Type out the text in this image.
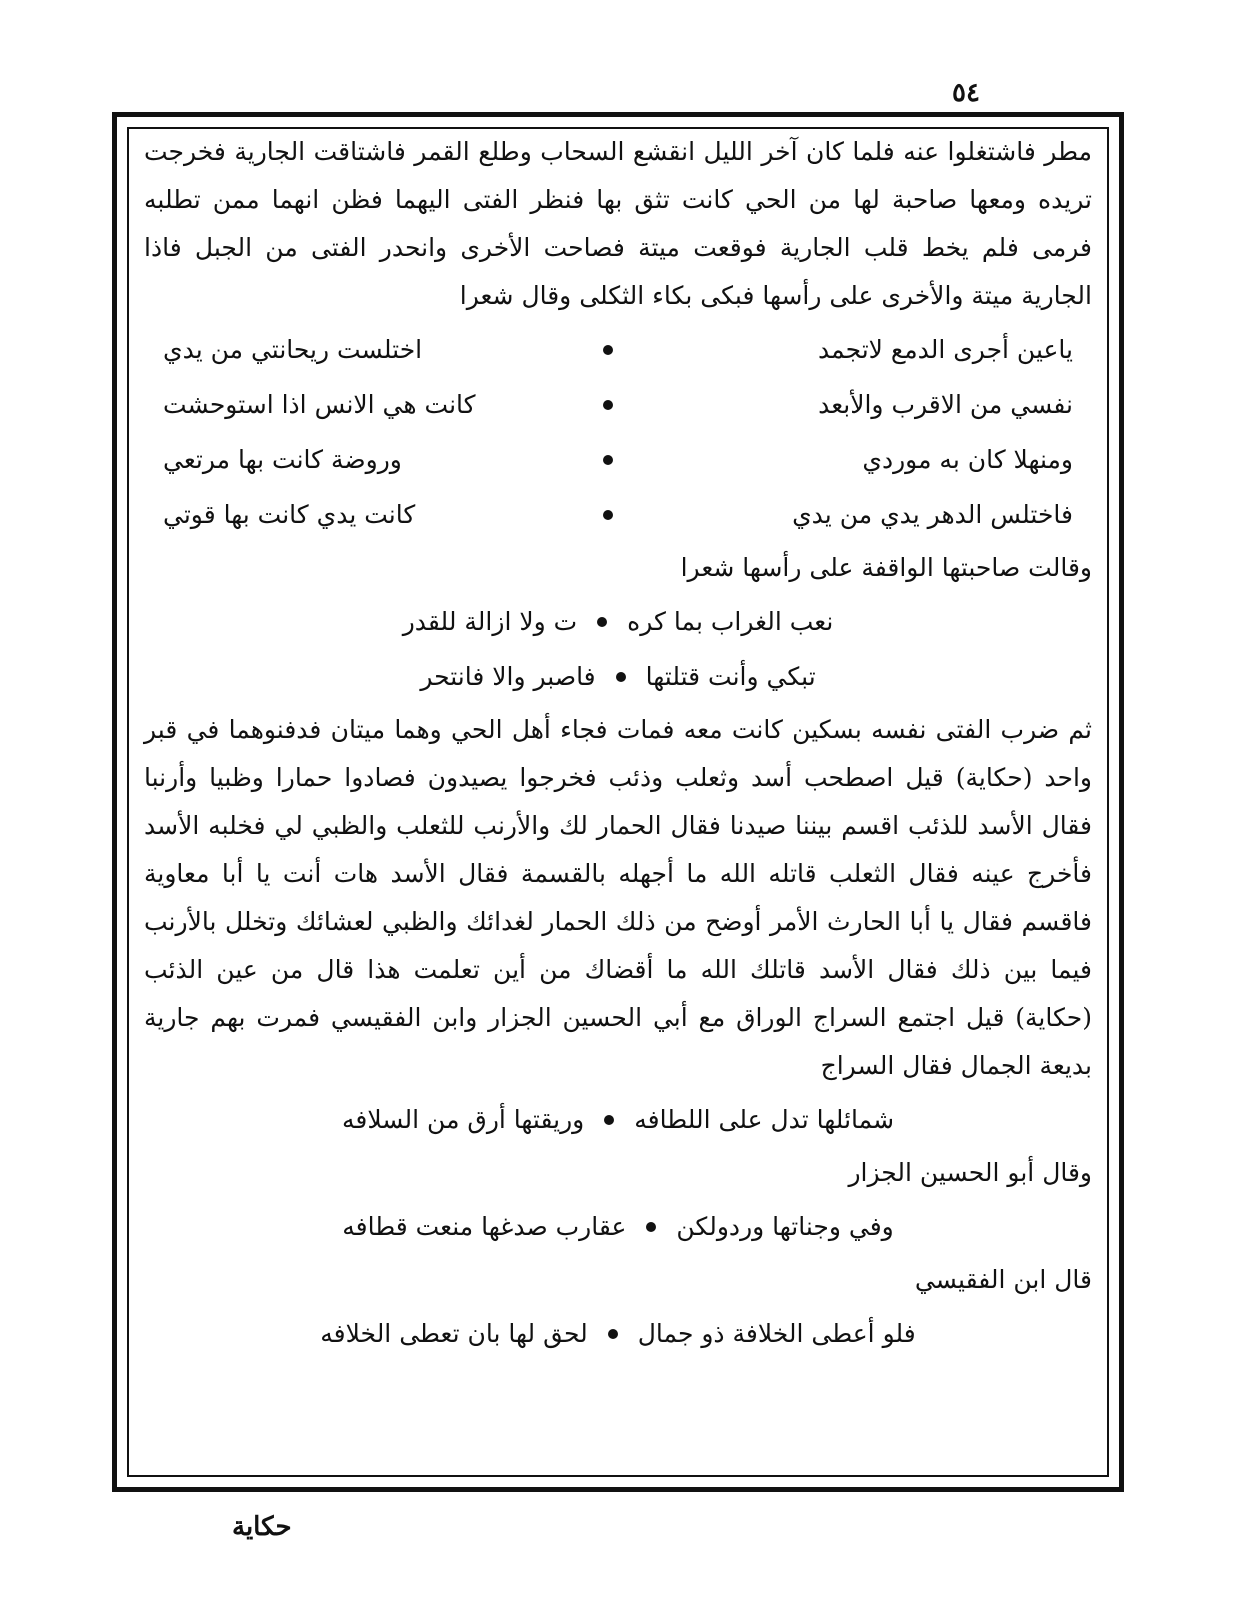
٥٤

مطر فاشتغلوا عنه فلما كان آخر الليل انقشع السحاب وطلع القمر فاشتاقت الجارية فخرجت تريده ومعها صاحبة لها من الحي كانت تثق بها فنظر الفتى اليهما فظن انهما ممن تطلبه فرمى فلم يخط قلب الجارية فوقعت ميتة فصاحت الأخرى وانحدر الفتى من الجبل فاذا الجارية ميتة والأخرى على رأسها فبكى بكاء الثكلى وقال شعرا

ياعين أجرى الدمع لاتجمد
اختلست ريحانتي من يدي
نفسي من الاقرب والأبعد
كانت هي الانس اذا استوحشت
ومنهلا كان به موردي
وروضة كانت بها مرتعي
فاختلس الدهر يدي من يدي
كانت يدي كانت بها قوتي

وقالت صاحبتها الواقفة على رأسها شعرا

نعب الغراب بما كره
ت ولا ازالة للقدر
تبكي وأنت قتلتها
فاصبر والا فانتحر

ثم ضرب الفتى نفسه بسكين كانت معه فمات فجاء أهل الحي وهما ميتان فدفنوهما في قبر واحد (حكاية) قيل اصطحب أسد وثعلب وذئب فخرجوا يصيدون فصادوا حمارا وظبيا وأرنبا فقال الأسد للذئب اقسم بيننا صيدنا فقال الحمار لك والأرنب للثعلب والظبي لي فخلبه الأسد فأخرج عينه فقال الثعلب قاتله الله ما أجهله بالقسمة فقال الأسد هات أنت يا أبا معاوية فاقسم فقال يا أبا الحارث الأمر أوضح من ذلك الحمار لغدائك والظبي لعشائك وتخلل بالأرنب فيما بين ذلك فقال الأسد قاتلك الله ما أقضاك من أين تعلمت هذا قال من عين الذئب (حكاية) قيل اجتمع السراج الوراق مع أبي الحسين الجزار وابن الفقيسي فمرت بهم جارية بديعة الجمال فقال السراج

شمائلها تدل على اللطافه
وريقتها أرق من السلافه

وقال أبو الحسين الجزار

وفي وجناتها وردولكن
عقارب صدغها منعت قطافه

قال ابن الفقيسي

فلو أعطى الخلافة ذو جمال
لحق لها بان تعطى الخلافه
حكاية
